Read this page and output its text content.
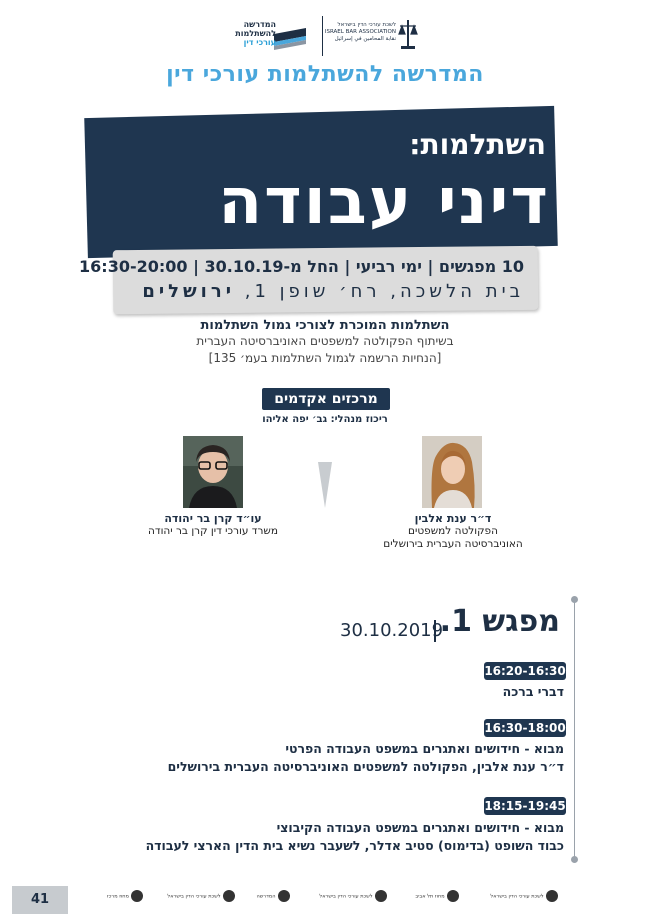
המדרשה
להשתלמות
עורכי דין
לשכת עורכי הדין בישראל
ISRAEL BAR ASSOCIATION
نقابة المحامين في إسرائيل
המדרשה להשתלמות עורכי דין
השתלמות:
דיני עבודה
10 מפגשים | ימי רביעי | החל מ-30.10.19 | 16:30-20:00
בית הלשכה, רח׳ שופן 1, ירושלים
השתלמות המוכרת לצורכי גמול השתלמות
בשיתוף הפקולטה למשפטים האוניברסיטה העברית
[הנחיות הרשמה לגמול השתלמות בעמ׳ 135]
מרכזים אקדמים
ריכוז מנהלי: גב׳ יפה אליהו
עו״ד קרן בר יהודה
משרד עורכי דין קרן בר יהודה
ד״ר ענת אלבין
הפקולטה למשפטים
האוניברסיטה העברית בירושלים
מפגש 1.
30.10.2019
16:20-16:30
דברי ברכה
16:30-18:00
מבוא - חידושים ואתגרים במשפט העבודה הפרטי
ד״ר ענת אלבין, הפקולטה למשפטים האוניברסיטה העברית בירושלים
18:15-19:45
מבוא - חידושים ואתגרים במשפט העבודה הקיבוצי
כבוד השופט (בדימוס) סטיב אדלר, לשעבר נשיא בית הדין הארצי לעבודה
41	מחוז מרכז	לשכת עורכי הדין בישראל	המדרשה	לשכת עורכי הדין בישראל	מחוז תל אביב	לשכת עורכי הדין בישראל
